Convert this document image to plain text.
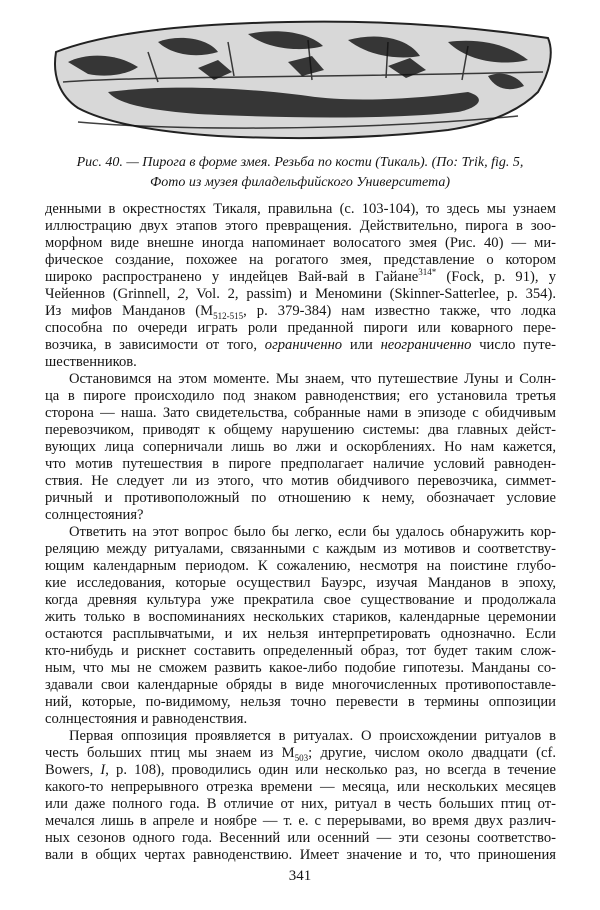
Рис. 40. — Пирога в форме змея. Резьба по кости (Тикаль). (По: Trik, fig. 5,
Фото из музея филадельфийского Университета)
денными в окрестностях Тикаля, правильна (с. 103-104), то здесь мы узнаем
иллюстрацию двух этапов этого превращения. Действительно, пирога в зоо-
морфном виде внешне иногда напоминает волосатого змея (Рис. 40) — ми-
фическое создание, похожее на рогатого змея, представление о котором
широко распространено у индейцев Вай-вай в Гайане$^{314*}$ (Fock, p. 91), у
Чейеннов (Grinnell, 2, Vol. 2, passim) и Меномини (Skinner-Satterlee, p. 354).
Из мифов Манданов ($M_{512-515}$, p. 379-384) нам известно также, что лодка
способна по очереди играть роли преданной пироги или коварного пере-
возчика, в зависимости от того, ограниченно или неограниченно число путе-
шественников.
Остановимся на этом моменте. Мы знаем, что путешествие Луны и Солн-
ца в пироге происходило под знаком равноденствия; его установила третья
сторона — наша. Зато свидетельства, собранные нами в эпизоде с обидчивым
перевозчиком, приводят к общему нарушению системы: два главных дейст-
вующих лица соперничали лишь во лжи и оскорблениях. Но нам кажется,
что мотив путешествия в пироге предполагает наличие условий равноден-
ствия. Не следует ли из этого, что мотив обидчивого перевозчика, симмет-
ричный и противоположный по отношению к нему, обозначает условие
солнцестояния?
Ответить на этот вопрос было бы легко, если бы удалось обнаружить кор-
реляцию между ритуалами, связанными с каждым из мотивов и соответству-
ющим календарным периодом. К сожалению, несмотря на поистине глубо-
кие исследования, которые осуществил Бауэрс, изучая Манданов в эпоху,
когда древняя культура уже прекратила свое существование и продолжала
жить только в воспоминаниях нескольких стариков, календарные церемонии
остаются расплывчатыми, и их нельзя интерпретировать однозначно. Если
кто-нибудь и рискнет составить определенный образ, тот будет таким слож-
ным, что мы не сможем развить какое-либо подобие гипотезы. Манданы со-
здавали свои календарные обряды в виде многочисленных противопоставле-
ний, которые, по-видимому, нельзя точно перевести в термины оппозиции
солнцестояния и равноденствия.
Первая оппозиция проявляется в ритуалах. О происхождении ритуалов в
честь больших птиц мы знаем из $M_{503}$; другие, числом около двадцати (cf.
Bowers, I, p. 108), проводились один или несколько раз, но всегда в течение
какого-то непрерывного отрезка времени — месяца, или нескольких месяцев
или даже полного года. В отличие от них, ритуал в честь больших птиц от-
мечался лишь в апреле и ноябре — т. е. с перерывами, во время двух различ-
ных сезонов одного года. Весенний или осенний — эти сезоны соответство-
вали в общих чертах равноденствию. Имеет значение и то, что приношения
341
